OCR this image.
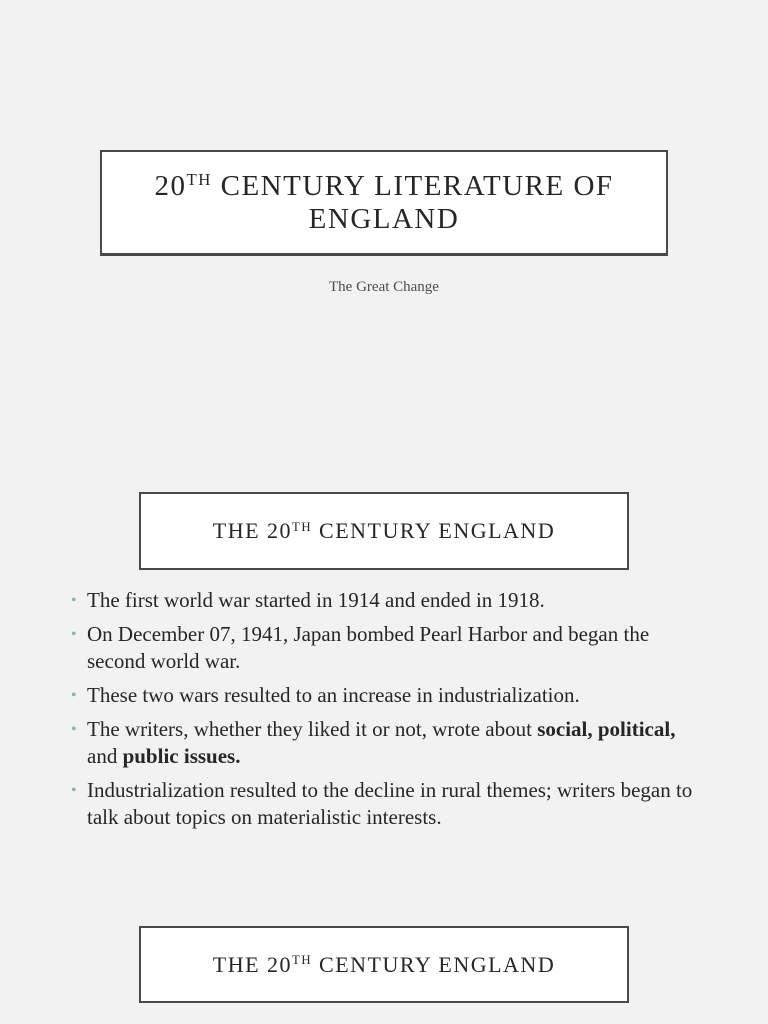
20TH CENTURY LITERATURE OF ENGLAND
The Great Change
THE 20TH CENTURY ENGLAND
• The first world war started in 1914 and ended in 1918.
• On December 07, 1941, Japan bombed Pearl Harbor and began the second world war.
• These two wars resulted to an increase in industrialization.
• The writers, whether they liked it or not, wrote about social, political, and public issues.
• Industrialization resulted to the decline in rural themes; writers began to talk about topics on materialistic interests.
THE 20TH CENTURY ENGLAND
